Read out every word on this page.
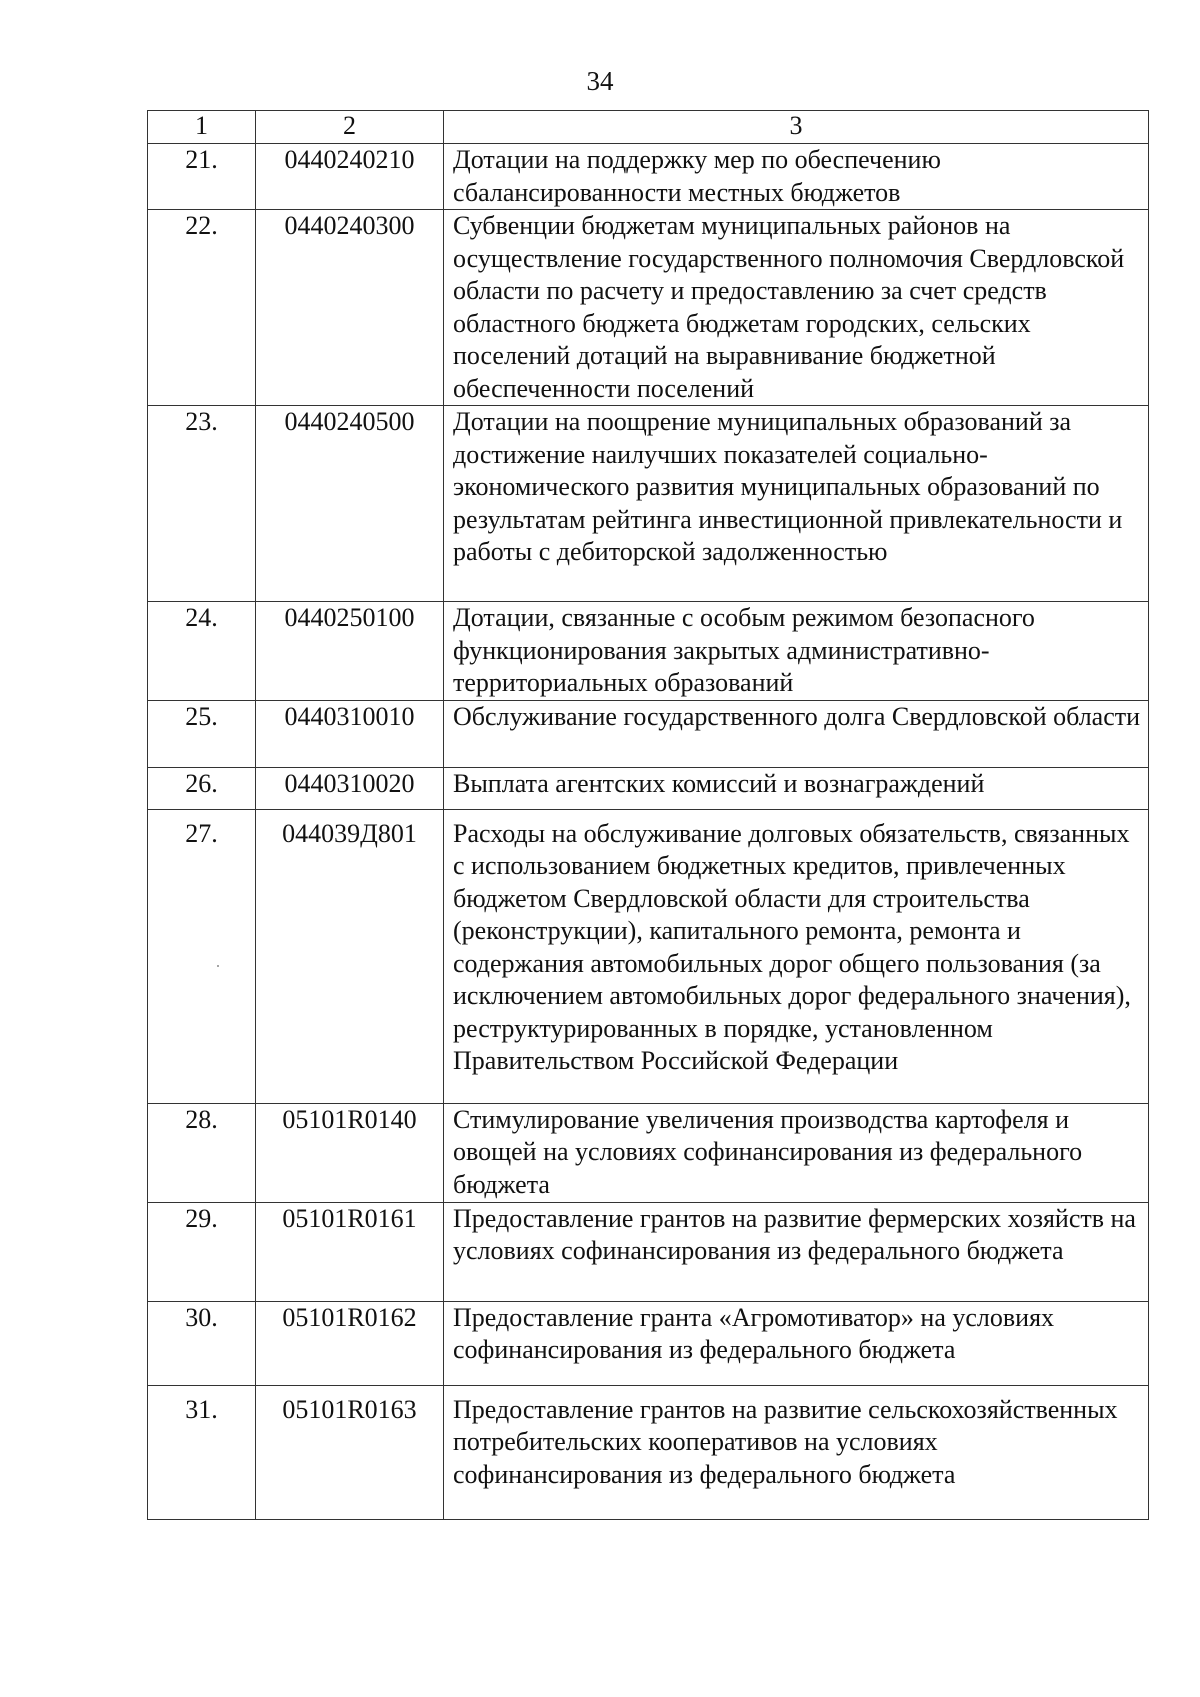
34
1	2	3
21.	0440240210	Дотации на поддержку мер по обеспечению сбалансированности местных бюджетов
22.	0440240300	Субвенции бюджетам муниципальных районов на осуществление государственного полномочия Свердловской области по расчету и предоставлению за счет средств областного бюджета бюджетам городских, сельских поселений дотаций на выравнивание бюджетной обеспеченности поселений
23.	0440240500	Дотации на поощрение муниципальных образований за достижение наилучших показателей социально-экономического развития муниципальных образований по результатам рейтинга инвестиционной привлекательности и работы с дебиторской задолженностью
24.	0440250100	Дотации, связанные с особым режимом безопасного функционирования закрытых административно-территориальных образований
25.	0440310010	Обслуживание государственного долга Свердловской области
26.	0440310020	Выплата агентских комиссий и вознаграждений
27.	044039Д801	Расходы на обслуживание долговых обязательств, связанных с использованием бюджетных кредитов, привлеченных бюджетом Свердловской области для строительства (реконструкции), капитального ремонта, ремонта и содержания автомобильных дорог общего пользования (за исключением автомобильных дорог федерального значения), реструктурированных в порядке, установленном Правительством Российской Федерации
28.	05101R0140	Стимулирование увеличения производства картофеля и овощей на условиях софинансирования из федерального бюджета
29.	05101R0161	Предоставление грантов на развитие фермерских хозяйств на условиях софинансирования из федерального бюджета
30.	05101R0162	Предоставление гранта «Агромотиватор» на условиях софинансирования из федерального бюджета
31.	05101R0163	Предоставление грантов на развитие сельскохозяйственных потребительских кооперативов на условиях софинансирования из федерального бюджета
